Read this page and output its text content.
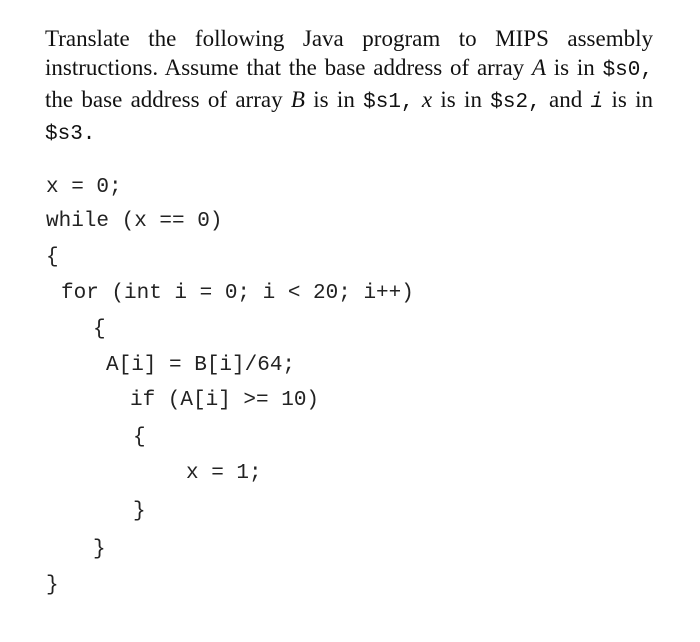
Translate the following Java program to MIPS assembly
instructions. Assume that the base address of array A is in $s0,
the base address of array B is in $s1, x is in $s2, and i is in
$s3.
x = 0;
while (x == 0)
{
for (int i = 0; i < 20; i++)
{
A[i] = B[i]/64;
if (A[i] >= 10)
{
x = 1;
}
}
}
